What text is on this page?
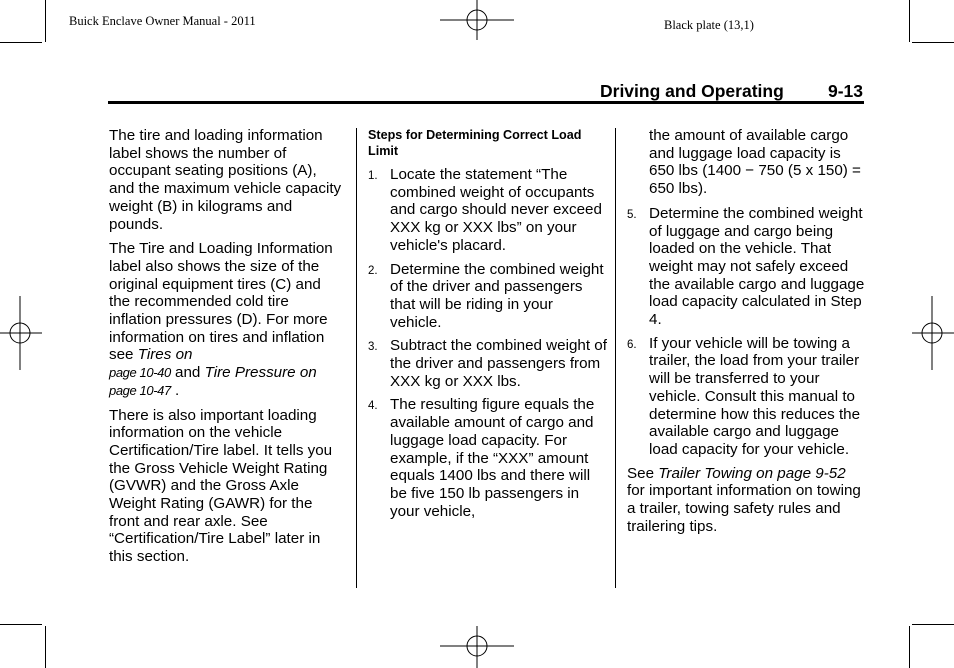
Buick Enclave Owner Manual - 2011	Black plate (13,1)
Driving and Operating	9-13

The tire and loading information label shows the number of occupant seating positions (A), and the maximum vehicle capacity weight (B) in kilograms and pounds.

The Tire and Loading Information label also shows the size of the original equipment tires (C) and the recommended cold tire inflation pressures (D). For more information on tires and inflation see Tires on
page 10-40 and Tire Pressure on
page 10-47 .

There is also important loading information on the vehicle Certification/Tire label. It tells you the Gross Vehicle Weight Rating (GVWR) and the Gross Axle Weight Rating (GAWR) for the front and rear axle. See “Certification/Tire Label” later in this section.

Steps for Determining Correct Load Limit
1. Locate the statement “The combined weight of occupants and cargo should never exceed XXX kg or XXX lbs” on your vehicle's placard.
2. Determine the combined weight of the driver and passengers that will be riding in your vehicle.
3. Subtract the combined weight of the driver and passengers from XXX kg or XXX lbs.
4. The resulting figure equals the available amount of cargo and luggage load capacity. For example, if the “XXX” amount equals 1400 lbs and there will be five 150 lb passengers in your vehicle,

the amount of available cargo and luggage load capacity is 650 lbs (1400 − 750 (5 x 150) = 650 lbs).

5. Determine the combined weight of luggage and cargo being loaded on the vehicle. That weight may not safely exceed the available cargo and luggage load capacity calculated in Step 4.
6. If your vehicle will be towing a trailer, the load from your trailer will be transferred to your vehicle. Consult this manual to determine how this reduces the available cargo and luggage load capacity for your vehicle.

See Trailer Towing on page 9-52 for important information on towing a trailer, towing safety rules and trailering tips.
